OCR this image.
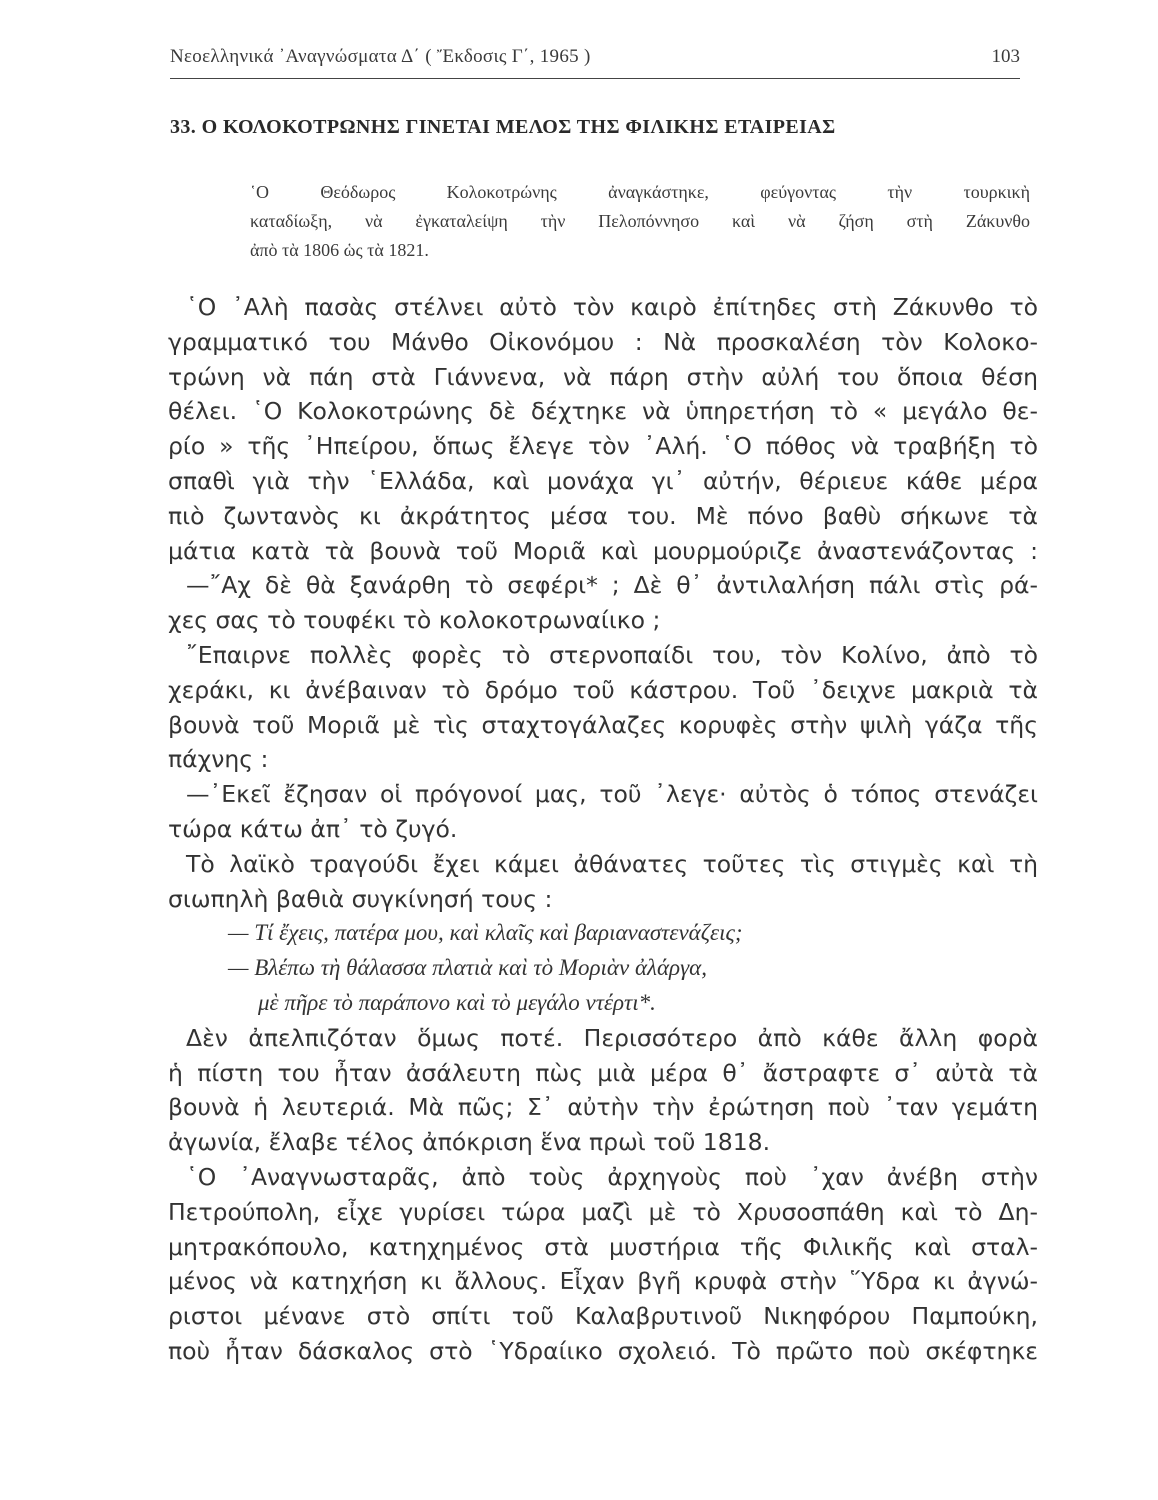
Νεοελληνικά ᾽Αναγνώσματα Δ΄ ( Ἔκδοσις Γ΄, 1965 )	103
33. Ο ΚΟΛΟΚΟΤΡΩΝΗΣ ΓΙΝΕΤΑΙ ΜΕΛΟΣ ΤΗΣ ΦΙΛΙΚΗΣ ΕΤΑΙΡΕΙΑΣ
῾Ο Θεόδωρος Κολοκοτρώνης ἀναγκάστηκε, φεύγοντας τὴν τουρκικὴ
καταδίωξη, νὰ ἐγκαταλείψη τὴν Πελοπόννησο καὶ νὰ ζήση στὴ Ζάκυνθο
ἀπὸ τὰ 1806 ὡς τὰ 1821.
῾Ο ᾽Αλὴ πασὰς στέλνει αὐτὸ τὸν καιρὸ ἐπίτηδες στὴ Ζάκυνθο τὸ
γραμματικό του Μάνθο Οἰκονόμου : Νὰ προσκαλέση τὸν Κολοκο-
τρώνη νὰ πάη στὰ Γιάννενα, νὰ πάρη στὴν αὐλή του ὅποια θέση
θέλει. ῾Ο Κολοκοτρώνης δὲ δέχτηκε νὰ ὑπηρετήση τὸ « μεγάλο θε-
ρίο » τῆς ᾽Ηπείρου, ὅπως ἔλεγε τὸν ᾽Αλή. ῾Ο πόθος νὰ τραβήξη τὸ
σπαθὶ γιὰ τὴν ῾Ελλάδα, καὶ μονάχα γι᾽ αὐτήν, θέριευε κάθε μέρα
πιὸ ζωντανὸς κι ἀκράτητος μέσα του. Μὲ πόνο βαθὺ σήκωνε τὰ
μάτια κατὰ τὰ βουνὰ τοῦ Μοριᾶ καὶ μουρμούριζε ἀναστενάζοντας :
—῎Αχ δὲ θὰ ξανάρθη τὸ σεφέρι* ; Δὲ θ᾽ ἀντιλαλήση πάλι στὶς ρά-
χες σας τὸ τουφέκι τὸ κολοκοτρωναίικο ;
῎Επαιρνε πολλὲς φορὲς τὸ στερνοπαίδι του, τὸν Κολίνο, ἀπὸ τὸ
χεράκι, κι ἀνέβαιναν τὸ δρόμο τοῦ κάστρου. Τοῦ ᾽δειχνε μακριὰ τὰ
βουνὰ τοῦ Μοριᾶ μὲ τὶς σταχτογάλαζες κορυφὲς στὴν ψιλὴ γάζα τῆς
πάχνης :
—᾽Εκεῖ ἔζησαν οἱ πρόγονοί μας, τοῦ ᾽λεγε· αὐτὸς ὁ τόπος στενάζει
τώρα κάτω ἀπ᾽ τὸ ζυγό.
Τὸ λαϊκὸ τραγούδι ἔχει κάμει ἀθάνατες τοῦτες τὶς στιγμὲς καὶ τὴ
σιωπηλὴ βαθιὰ συγκίνησή τους :
— Τί ἔχεις, πατέρα μου, καὶ κλαῖς καὶ βαριαναστενάζεις;
— Βλέπω τὴ θάλασσα πλατιὰ καὶ τὸ Μοριὰν ἀλάργα,
μὲ πῆρε τὸ παράπονο καὶ τὸ μεγάλο ντέρτι*.
Δὲν ἀπελπιζόταν ὅμως ποτέ. Περισσότερο ἀπὸ κάθε ἄλλη φορὰ
ἡ πίστη του ἦταν ἀσάλευτη πὼς μιὰ μέρα θ᾽ ἄστραφτε σ᾽ αὐτὰ τὰ
βουνὰ ἡ λευτεριά. Μὰ πῶς; Σ᾽ αὐτὴν τὴν ἐρώτηση ποὺ ᾽ταν γεμάτη
ἀγωνία, ἔλαβε τέλος ἀπόκριση ἕνα πρωὶ τοῦ 1818.
῾Ο ᾽Αναγνωσταρᾶς, ἀπὸ τοὺς ἀρχηγοὺς ποὺ ᾽χαν ἀνέβη στὴν
Πετρούπολη, εἶχε γυρίσει τώρα μαζὶ μὲ τὸ Χρυσοσπάθη καὶ τὸ Δη-
μητρακόπουλο, κατηχημένος στὰ μυστήρια τῆς Φιλικῆς καὶ σταλ-
μένος νὰ κατηχήση κι ἄλλους. Εἶχαν βγῆ κρυφὰ στὴν ῞Υδρα κι ἀγνώ-
ριστοι μένανε στὸ σπίτι τοῦ Καλαβρυτινοῦ Νικηφόρου Παμπούκη,
ποὺ ἦταν δάσκαλος στὸ ῾Υδραίικο σχολειό. Τὸ πρῶτο ποὺ σκέφτηκε
